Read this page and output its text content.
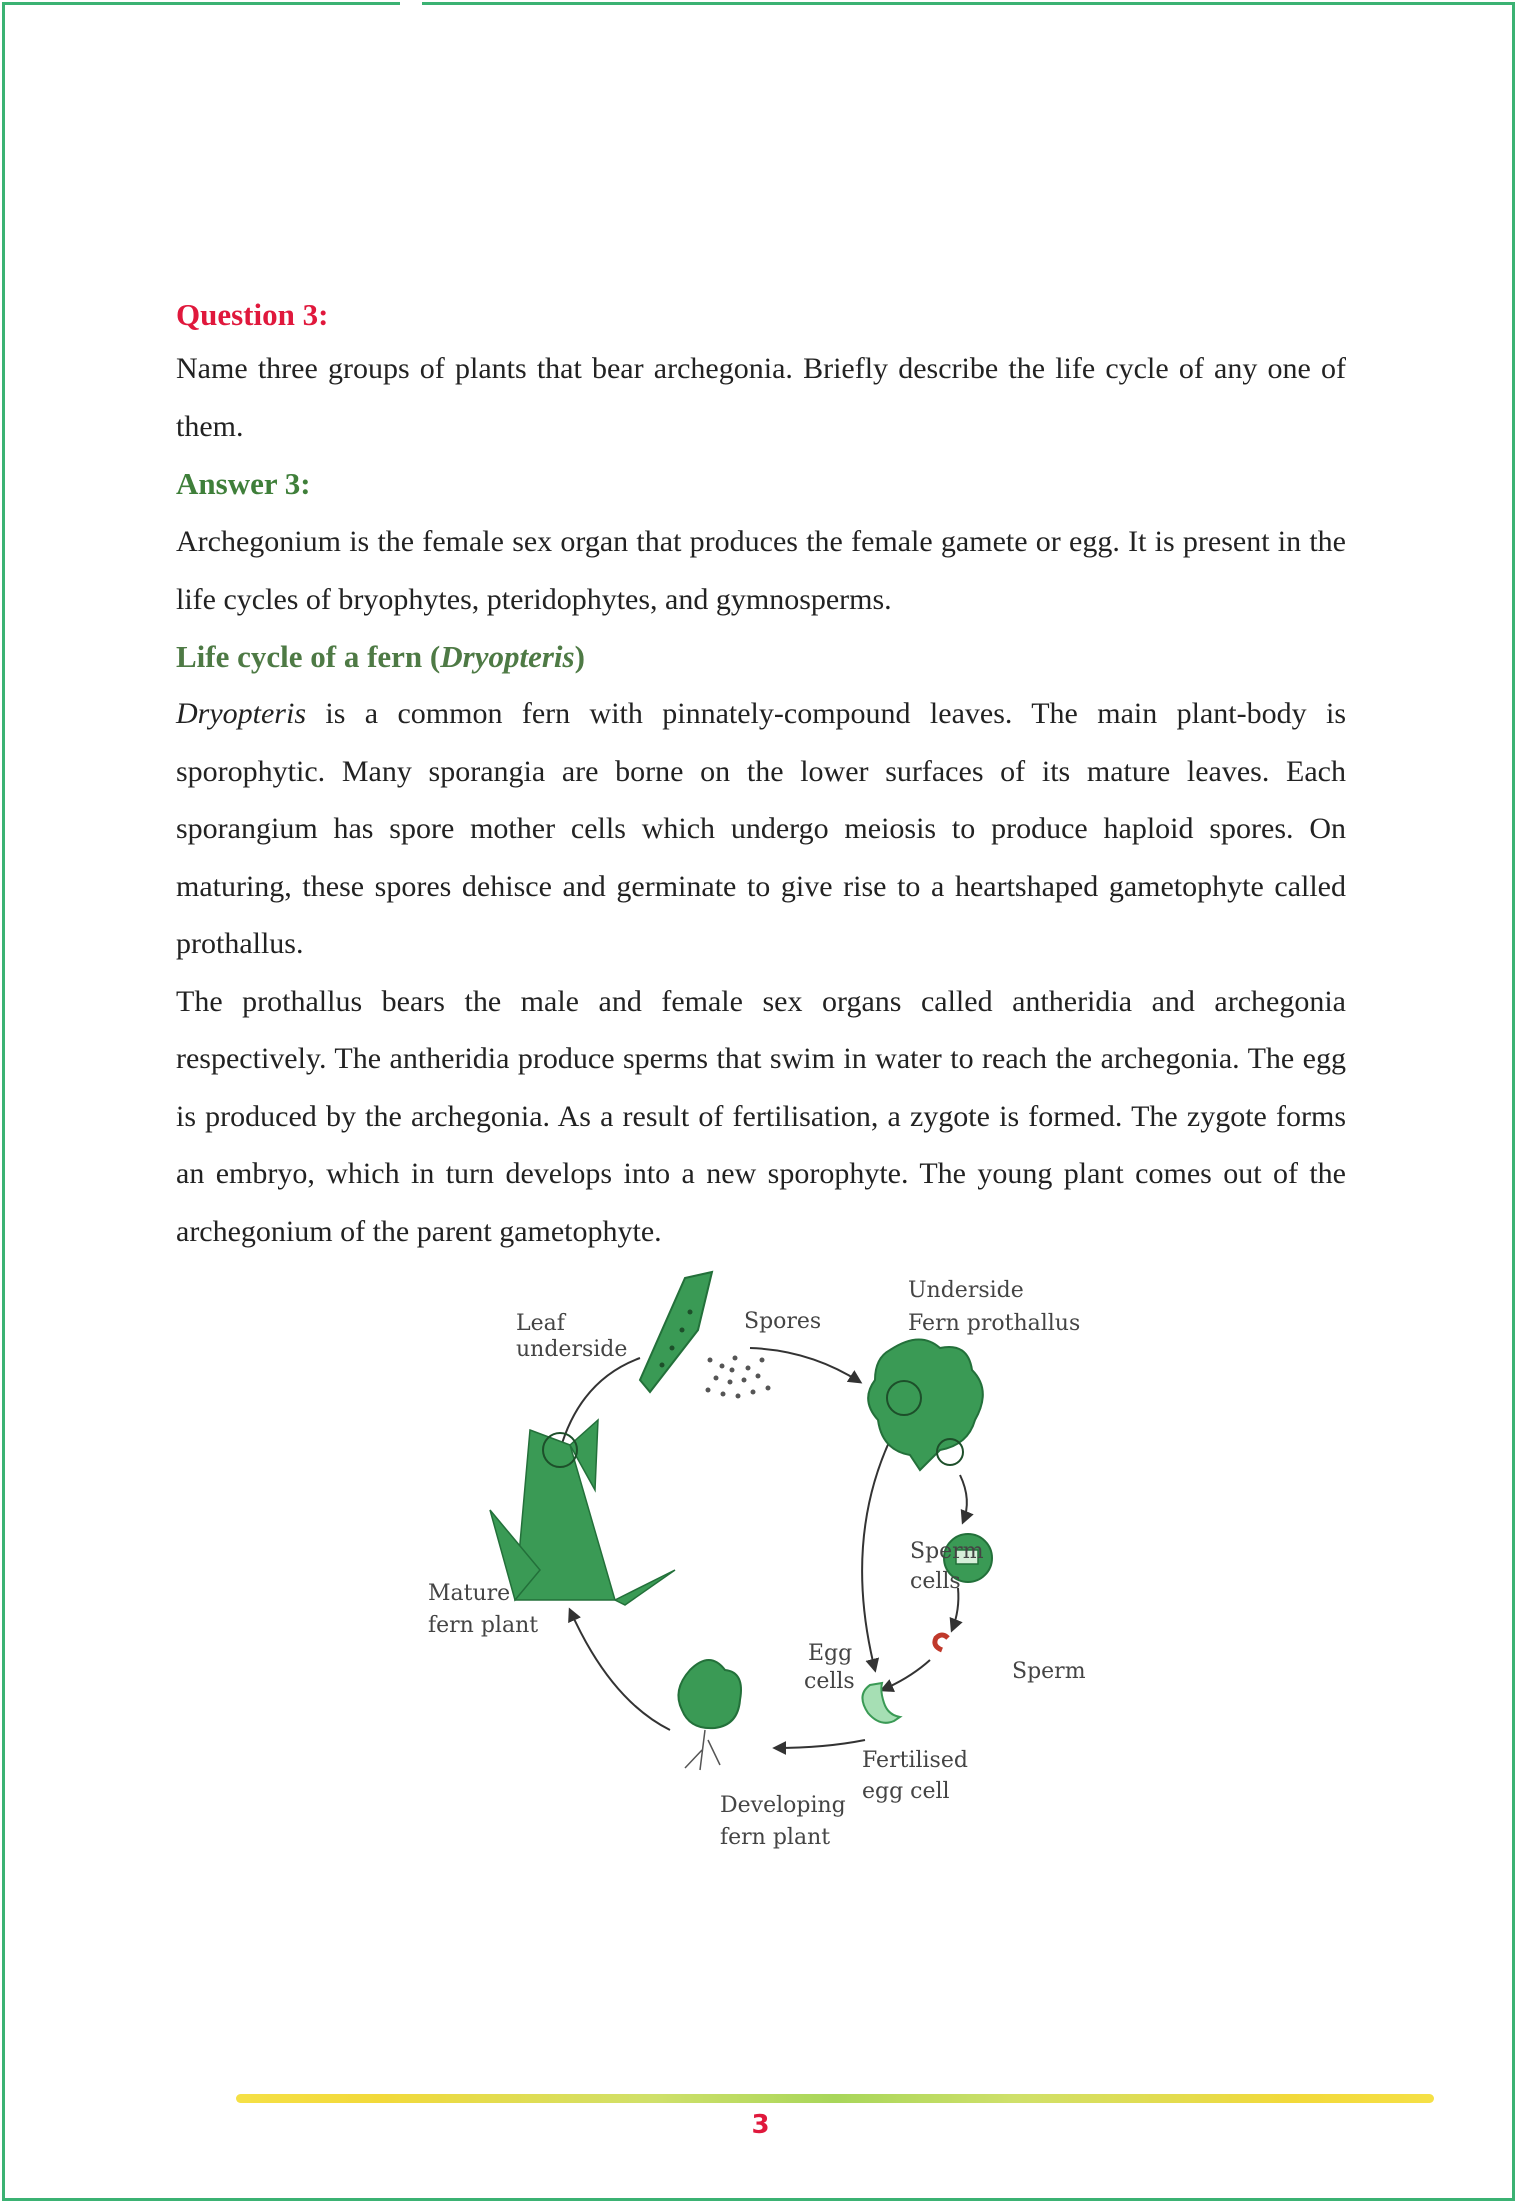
Question 3:

Name three groups of plants that bear archegonia. Briefly describe the life cycle of any one of them.

Answer 3:

Archegonium is the female sex organ that produces the female gamete or egg. It is present in the life cycles of bryophytes, pteridophytes, and gymnosperms.

Life cycle of a fern (Dryopteris)

Dryopteris is a common fern with pinnately-compound leaves. The main plant-body is sporophytic. Many sporangia are borne on the lower surfaces of its mature leaves. Each sporangium has spore mother cells which undergo meiosis to produce haploid spores. On maturing, these spores dehisce and germinate to give rise to a heartshaped gametophyte called prothallus.

The prothallus bears the male and female sex organs called antheridia and archegonia respectively. The antheridia produce sperms that swim in water to reach the archegonia. The egg is produced by the archegonia. As a result of fertilisation, a zygote is formed. The zygote forms an embryo, which in turn develops into a new sporophyte. The young plant comes out of the archegonium of the parent gametophyte.

Leaf
underside
Spores
Underside
Fern prothallus
Sperm
cells
Sperm
Egg
cells
Fertilised
egg cell
Developing
fern plant
Mature
fern plant
3
